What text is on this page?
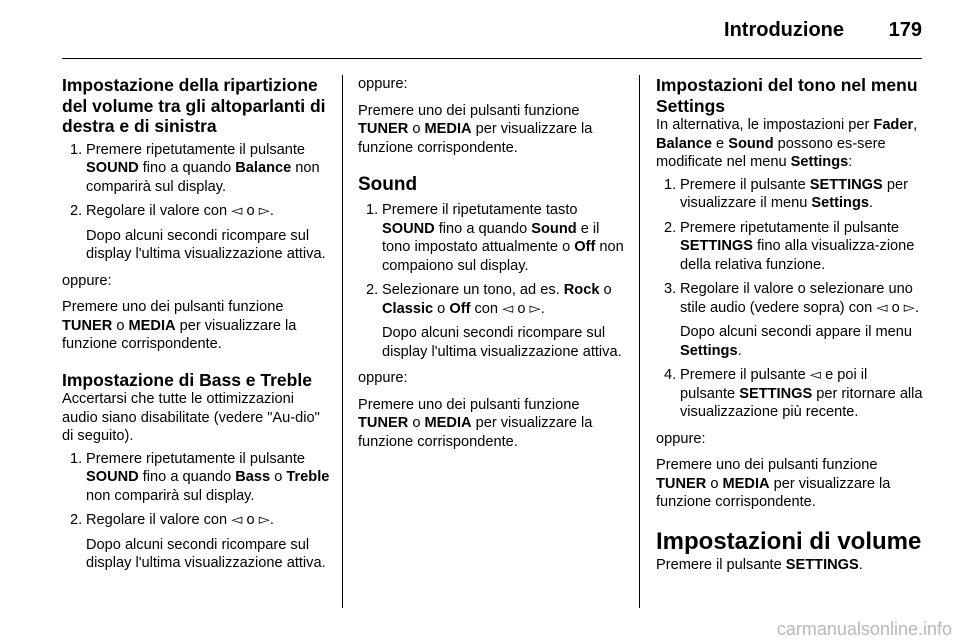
Introduzione 179
Impostazione della ripartizione del volume tra gli altoparlanti di destra e di sinistra
1. Premere ripetutamente il pulsante SOUND fino a quando Balance non comparirà sul display.
2. Regolare il valore con ◅ o ▻.

Dopo alcuni secondi ricompare sul display l'ultima visualizzazione attiva.

oppure:

Premere uno dei pulsanti funzione TUNER o MEDIA per visualizzare la funzione corrispondente.

Impostazione di Bass e Treble

Accertarsi che tutte le ottimizzazioni audio siano disabilitate (vedere "Au-dio" di seguito).

1. Premere ripetutamente il pulsante SOUND fino a quando Bass o Treble non comparirà sul display.
2. Regolare il valore con ◅ o ▻.

Dopo alcuni secondi ricompare sul display l'ultima visualizzazione attiva.

oppure:

Premere uno dei pulsanti funzione TUNER o MEDIA per visualizzare la funzione corrispondente.

Sound
1. Premere il ripetutamente tasto SOUND fino a quando Sound e il tono impostato attualmente o Off non compaiono sul display.
2. Selezionare un tono, ad es. Rock o Classic o Off con ◅ o ▻.

Dopo alcuni secondi ricompare sul display l'ultima visualizzazione attiva.

oppure:

Premere uno dei pulsanti funzione TUNER o MEDIA per visualizzare la funzione corrispondente.

Impostazioni del tono nel menu Settings

In alternativa, le impostazioni per Fader, Balance e Sound possono es-sere modificate nel menu Settings:

1. Premere il pulsante SETTINGS per visualizzare il menu Settings.
2. Premere ripetutamente il pulsante SETTINGS fino alla visualizza-zione della relativa funzione.
3. Regolare il valore o selezionare uno stile audio (vedere sopra) con ◅ o ▻.

Dopo alcuni secondi appare il menu Settings.

4. Premere il pulsante ◅ e poi il pulsante SETTINGS per ritornare alla visualizzazione più recente.

oppure:

Premere uno dei pulsanti funzione TUNER o MEDIA per visualizzare la funzione corrispondente.

Impostazioni di volume

Premere il pulsante SETTINGS.

carmanualsonline.info
